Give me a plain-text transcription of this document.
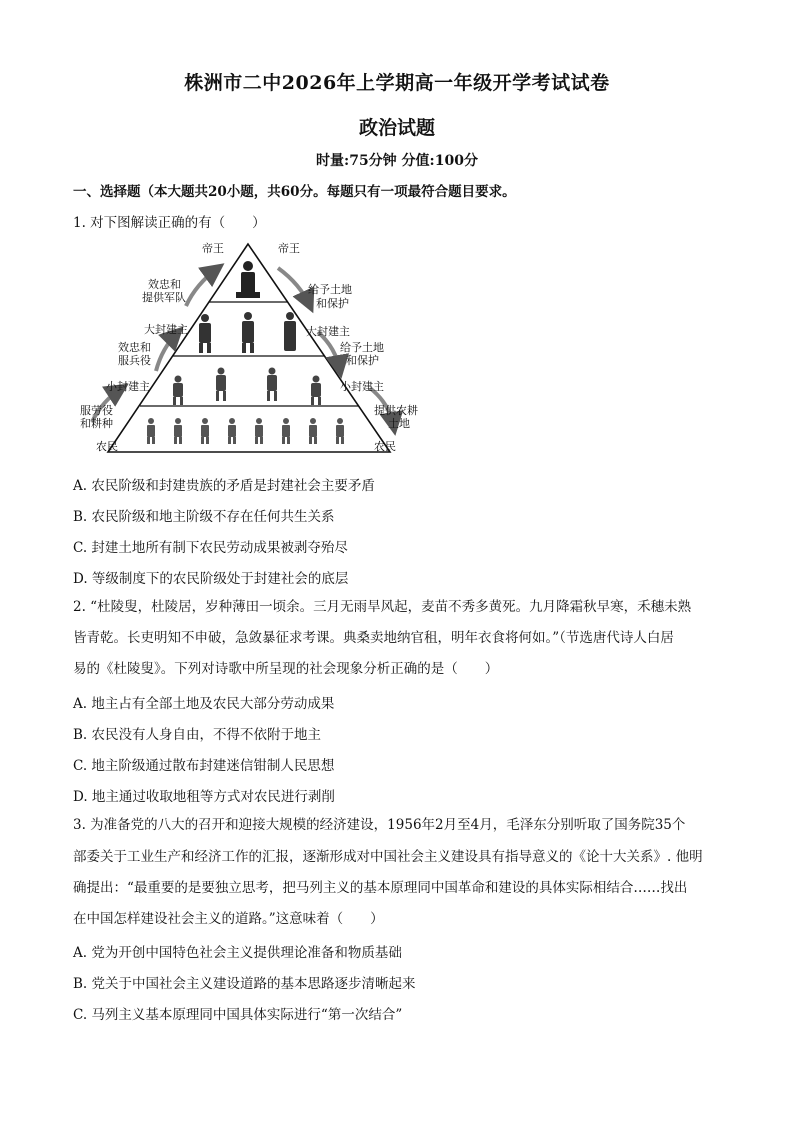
株洲市二中2026年上学期高一年级开学考试试卷
政治试题
时量:75分钟 分值:100分
一、选择题（本大题共20小题，共60分。每题只有一项最符合题目要求。
1. 对下图解读正确的有（　　）
帝王	帝王
效忠和
提供军队
给予土地
和保护
大封建主	大封建主
效忠和
服兵役
给予土地
和保护
小封建主	小封建主
服劳役
和耕种
提供农耕
土地
农民	农民
A. 农民阶级和封建贵族的矛盾是封建社会主要矛盾
B. 农民阶级和地主阶级不存在任何共生关系
C. 封建土地所有制下农民劳动成果被剥夺殆尽
D. 等级制度下的农民阶级处于封建社会的底层
2. “杜陵叟，杜陵居，岁种薄田一顷余。三月无雨旱风起，麦苗不秀多黄死。九月降霜秋早寒，禾穗未熟
皆青乾。长吏明知不申破，急敛暴征求考课。典桑卖地纳官租，明年衣食将何如。”（节选唐代诗人白居
易的《杜陵叟》。下列对诗歌中所呈现的社会现象分析正确的是（　　）
A. 地主占有全部土地及农民大部分劳动成果
B. 农民没有人身自由，不得不依附于地主
C. 地主阶级通过散布封建迷信钳制人民思想
D. 地主通过收取地租等方式对农民进行剥削
3. 为准备党的八大的召开和迎接大规模的经济建设，1956年2月至4月，毛泽东分别听取了国务院35个
部委关于工业生产和经济工作的汇报，逐渐形成对中国社会主义建设具有指导意义的《论十大关系》. 他明
确提出：“最重要的是要独立思考，把马列主义的基本原理同中国革命和建设的具体实际相结合……找出
在中国怎样建设社会主义的道路。”这意味着（　　）
A. 党为开创中国特色社会主义提供理论准备和物质基础
B. 党关于中国社会主义建设道路的基本思路逐步清晰起来
C. 马列主义基本原理同中国具体实际进行“第一次结合”
